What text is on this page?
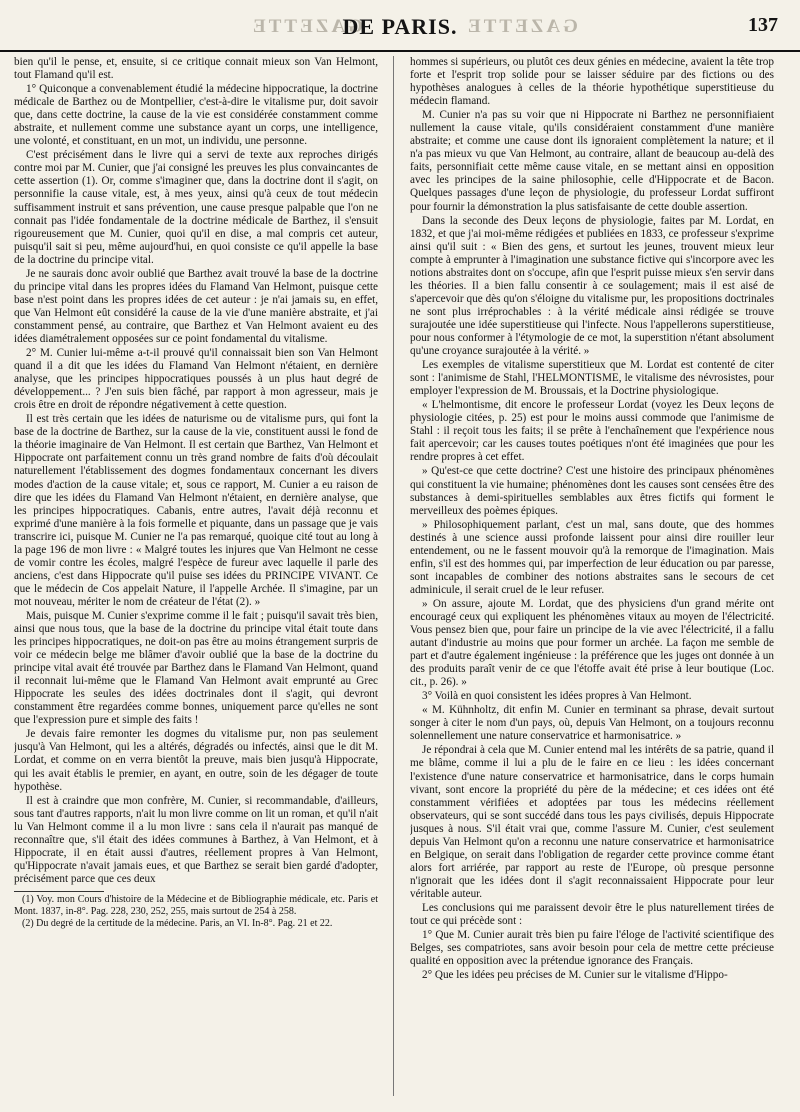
GAZETTE
DE PARIS. GAZETTE	137

bien qu'il le pense, et, ensuite, si ce critique connait mieux son Van Helmont, tout Flamand qu'il est.

1° Quiconque a convenablement étudié la médecine hippocratique, la doctrine médicale de Barthez ou de Montpellier, c'est-à-dire le vitalisme pur, doit savoir que, dans cette doctrine, la cause de la vie est considérée constamment comme abstraite, et nullement comme une substance ayant un corps, une intelligence, une volonté, et constituant, en un mot, un individu, une personne.

C'est précisément dans le livre qui a servi de texte aux reproches dirigés contre moi par M. Cunier, que j'ai consigné les preuves les plus convaincantes de cette assertion (1). Or, comme s'imaginer que, dans la doctrine dont il s'agit, on personnifie la cause vitale, est, à mes yeux, ainsi qu'à ceux de tout médecin suffisamment instruit et sans prévention, une cause presque palpable que l'on ne connait pas l'idée fondamentale de la doctrine médicale de Barthez, il s'ensuit rigoureusement que M. Cunier, quoi qu'il en dise, a mal compris cet auteur, puisqu'il sait si peu, même aujourd'hui, en quoi consiste ce qu'il appelle la base de la doctrine du principe vital.

Je ne saurais donc avoir oublié que Barthez avait trouvé la base de la doctrine du principe vital dans les propres idées du Flamand Van Helmont, puisque cette base n'est point dans les propres idées de cet auteur : je n'ai jamais su, en effet, que Van Helmont eût considéré la cause de la vie d'une manière abstraite, et j'ai constamment pensé, au contraire, que Barthez et Van Helmont avaient eu des idées diamétralement opposées sur ce point fondamental du vitalisme.

2° M. Cunier lui-même a-t-il prouvé qu'il connaissait bien son Van Helmont quand il a dit que les idées du Flamand Van Helmont n'étaient, en dernière analyse, que les principes hippocratiques poussés à un plus haut degré de développement... ? J'en suis bien fâché, par rapport à mon agresseur, mais je crois être en droit de répondre négativement à cette question.

Il est très certain que les idées de naturisme ou de vitalisme purs, qui font la base de la doctrine de Barthez, sur la cause de la vie, constituent aussi le fond de la théorie imaginaire de Van Helmont. Il est certain que Barthez, Van Helmont et Hippocrate ont parfaitement connu un très grand nombre de faits d'où découlait naturellement l'établissement des dogmes fondamentaux concernant les divers modes d'action de la cause vitale; et, sous ce rapport, M. Cunier a eu raison de dire que les idées du Flamand Van Helmont n'étaient, en dernière analyse, que les principes hippocratiques. Cabanis, entre autres, l'avait déjà reconnu et exprimé d'une manière à la fois formelle et piquante, dans un passage que je vais transcrire ici, puisque M. Cunier ne l'a pas remarqué, quoique cité tout au long à la page 196 de mon livre : « Malgré toutes les injures que Van Helmont ne cesse de vomir contre les écoles, malgré l'espèce de fureur avec laquelle il parle des anciens, c'est dans Hippocrate qu'il puise ses idées du PRINCIPE VIVANT. Ce que le médecin de Cos appelait Nature, il l'appelle Archée. Il s'imagine, par un mot nouveau, mériter le nom de créateur de l'état (2). »

Mais, puisque M. Cunier s'exprime comme il le fait ; puisqu'il savait très bien, ainsi que nous tous, que la base de la doctrine du principe vital était toute dans les principes hippocratiques, ne doit-on pas être au moins étrangement surpris de voir ce médecin belge me blâmer d'avoir oublié que la base de la doctrine du principe vital avait été trouvée par Barthez dans le Flamand Van Helmont, quand il reconnait lui-même que le Flamand Van Helmont avait emprunté au Grec Hippocrate les seules des idées doctrinales dont il s'agit, qui devront constamment être regardées comme bonnes, uniquement parce qu'elles ne sont que l'expression pure et simple des faits !

Je devais faire remonter les dogmes du vitalisme pur, non pas seulement jusqu'à Van Helmont, qui les a altérés, dégradés ou infectés, ainsi que le dit M. Lordat, et comme on en verra bientôt la preuve, mais bien jusqu'à Hippocrate, qui les avait établis le premier, en ayant, en outre, soin de les dégager de toute hypothèse.

Il est à craindre que mon confrère, M. Cunier, si recommandable, d'ailleurs, sous tant d'autres rapports, n'ait lu mon livre comme on lit un roman, et qu'il n'ait lu Van Helmont comme il a lu mon livre : sans cela il n'aurait pas manqué de reconnaître que, s'il était des idées communes à Barthez, à Van Helmont, et à Hippocrate, il en était aussi d'autres, réellement propres à Van Helmont, qu'Hippocrate n'avait jamais eues, et que Barthez se serait bien gardé d'adopter, précisément parce que ces deux

(1) Voy. mon Cours d'histoire de la Médecine et de Bibliographie médicale, etc. Paris et Mont. 1837, in-8°. Pag. 228, 230, 252, 255, mais surtout de 254 à 258.

(2) Du degré de la certitude de la médecine. Paris, an VI. In-8°. Pag. 21 et 22.

hommes si supérieurs, ou plutôt ces deux génies en médecine, avaient la tête trop forte et l'esprit trop solide pour se laisser séduire par des fictions ou des hypothèses analogues à celles de la théorie hypothétique superstitieuse du médecin flamand.

M. Cunier n'a pas su voir que ni Hippocrate ni Barthez ne personnifiaient nullement la cause vitale, qu'ils considéraient constamment d'une manière abstraite; et comme une cause dont ils ignoraient complètement la nature; et il n'a pas mieux vu que Van Helmont, au contraire, allant de beaucoup au-delà des faits, personnifiait cette même cause vitale, en se mettant ainsi en opposition avec les principes de la saine philosophie, celle d'Hippocrate et de Bacon. Quelques passages d'une leçon de physiologie, du professeur Lordat suffiront pour fournir la démonstration la plus satisfaisante de cette double assertion.

Dans la seconde des Deux leçons de physiologie, faites par M. Lordat, en 1832, et que j'ai moi-même rédigées et publiées en 1833, ce professeur s'exprime ainsi qu'il suit : « Bien des gens, et surtout les jeunes, trouvent mieux leur compte à emprunter à l'imagination une substance fictive qui s'incorpore avec les notions abstraites dont on s'occupe, afin que l'esprit puisse mieux s'en servir dans les théories. Il a bien fallu consentir à ce soulagement; mais il est aisé de s'apercevoir que dès qu'on s'éloigne du vitalisme pur, les propositions doctrinales ne sont plus irréprochables : à la vérité médicale ainsi rédigée se trouve surajoutée une idée superstitieuse qui l'infecte. Nous l'appellerons superstitieuse, pour nous conformer à l'étymologie de ce mot, la superstition n'étant absolument qu'une croyance surajoutée à la vérité. »

Les exemples de vitalisme superstitieux que M. Lordat est contenté de citer sont : l'animisme de Stahl, l'HELMONTISME, le vitalisme des névrosistes, pour employer l'expression de M. Broussais, et la Doctrine physiologique.

« L'helmontisme, dit encore le professeur Lordat (voyez les Deux leçons de physiologie citées, p. 25) est pour le moins aussi commode que l'animisme de Stahl : il reçoit tous les faits; il se prête à l'enchaînement que l'expérience nous fait apercevoir; car les causes toutes poétiques n'ont été imaginées que pour les rendre propres à cet effet.

» Qu'est-ce que cette doctrine? C'est une histoire des principaux phénomènes qui constituent la vie humaine; phénomènes dont les causes sont censées être des substances à demi-spirituelles semblables aux êtres fictifs qui forment le merveilleux des poèmes épiques.

» Philosophiquement parlant, c'est un mal, sans doute, que des hommes destinés à une science aussi profonde laissent pour ainsi dire rouiller leur entendement, ou ne le fassent mouvoir qu'à la remorque de l'imagination. Mais enfin, s'il est des hommes qui, par imperfection de leur éducation ou par paresse, sont incapables de combiner des notions abstraites sans le secours de cet adminicule, il serait cruel de le leur refuser.

» On assure, ajoute M. Lordat, que des physiciens d'un grand mérite ont encouragé ceux qui expliquent les phénomènes vitaux au moyen de l'électricité. Vous pensez bien que, pour faire un principe de la vie avec l'électricité, il a fallu autant d'industrie au moins que pour former un archée. La façon me semble de part et d'autre également ingénieuse : la préférence que les juges ont donnée à un des produits paraît venir de ce que l'étoffe avait été prise à leur boutique (Loc. cit., p. 26). »

3° Voilà en quoi consistent les idées propres à Van Helmont.

« M. Kühnholtz, dit enfin M. Cunier en terminant sa phrase, devait surtout songer à citer le nom d'un pays, où, depuis Van Helmont, on a toujours reconnu solennellement une nature conservatrice et harmonisatrice. »

Je répondrai à cela que M. Cunier entend mal les intérêts de sa patrie, quand il me blâme, comme il lui a plu de le faire en ce lieu : les idées concernant l'existence d'une nature conservatrice et harmonisatrice, dans le corps humain vivant, sont encore la propriété du père de la médecine; et ces idées ont été constamment vérifiées et adoptées par tous les médecins réellement observateurs, qui se sont succédé dans tous les pays civilisés, depuis Hippocrate jusques à nous. S'il était vrai que, comme l'assure M. Cunier, c'est seulement depuis Van Helmont qu'on a reconnu une nature conservatrice et harmonisatrice en Belgique, on serait dans l'obligation de regarder cette province comme étant alors fort arriérée, par rapport au reste de l'Europe, où presque personne n'ignorait que les idées dont il s'agit reconnaissaient Hippocrate pour leur véritable auteur.

Les conclusions qui me paraissent devoir être le plus naturellement tirées de tout ce qui précède sont :

1° Que M. Cunier aurait très bien pu faire l'éloge de l'activité scientifique des Belges, ses compatriotes, sans avoir besoin pour cela de mettre cette précieuse qualité en opposition avec la prétendue ignorance des Français.

2° Que les idées peu précises de M. Cunier sur le vitalisme d'Hippo-
